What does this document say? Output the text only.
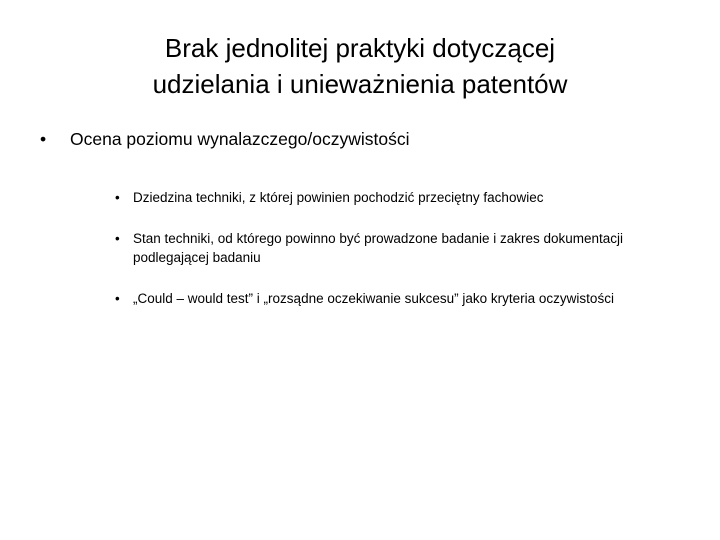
Brak jednolitej praktyki dotyczącej
udzielania i unieważnienia patentów
• Ocena poziomu wynalazczego/oczywistości
• Dziedzina techniki, z której powinien pochodzić przeciętny fachowiec
• Stan techniki, od którego powinno być prowadzone badanie i zakres dokumentacji podlegającej badaniu
• „Could – would test” i „rozsądne oczekiwanie sukcesu” jako kryteria oczywistości
